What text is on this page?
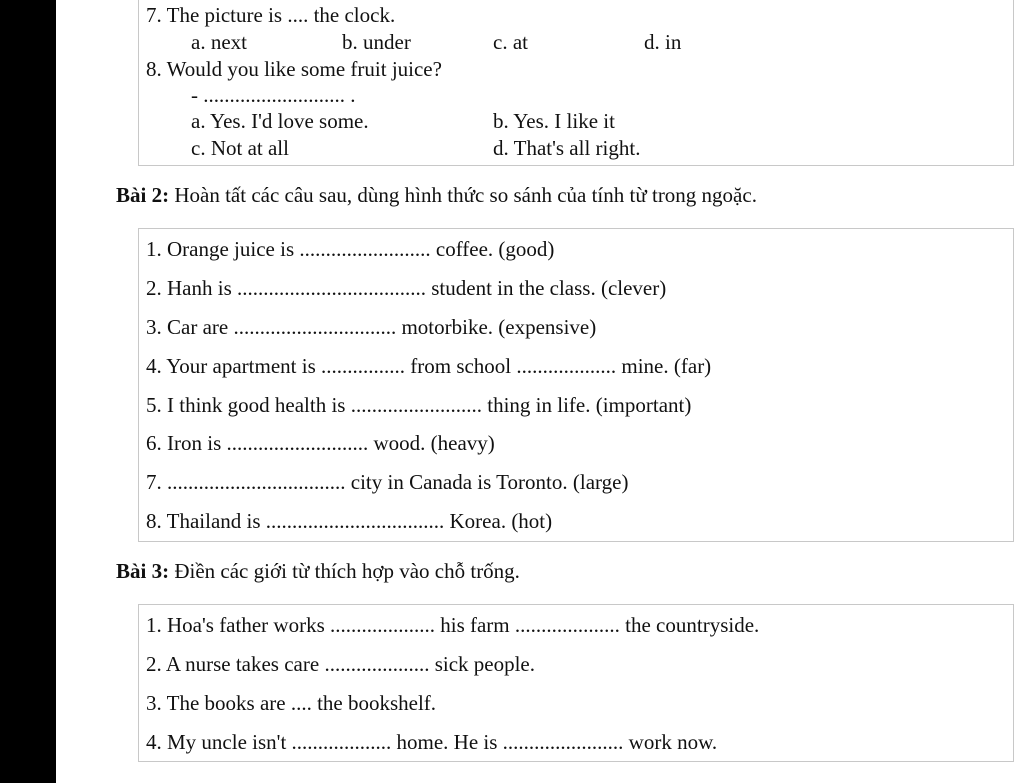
7. The picture is .... the clock.
a. next	b. under	c. at	d. in
8. Would you like some fruit juice?
- ........................... .
a. Yes. I'd love some.	b. Yes. I like it
c. Not at all	d. That's all right.
Bài 2: Hoàn tất các câu sau, dùng hình thức so sánh của tính từ trong ngoặc.
1. Orange juice is ......................... coffee. (good)
2. Hanh is .................................... student in the class. (clever)
3. Car are ............................... motorbike. (expensive)
4. Your apartment is ................ from school ................... mine. (far)
5. I think good health is ......................... thing in life. (important)
6. Iron is ........................... wood. (heavy)
7. .................................. city in Canada is Toronto. (large)
8. Thailand is .................................. Korea. (hot)
Bài 3: Điền các giới từ thích hợp vào chỗ trống.
1. Hoa's father works .................... his farm .................... the countryside.
2. A nurse takes care .................... sick people.
3. The books are .... the bookshelf.
4. My uncle isn't ................... home. He is ....................... work now.
